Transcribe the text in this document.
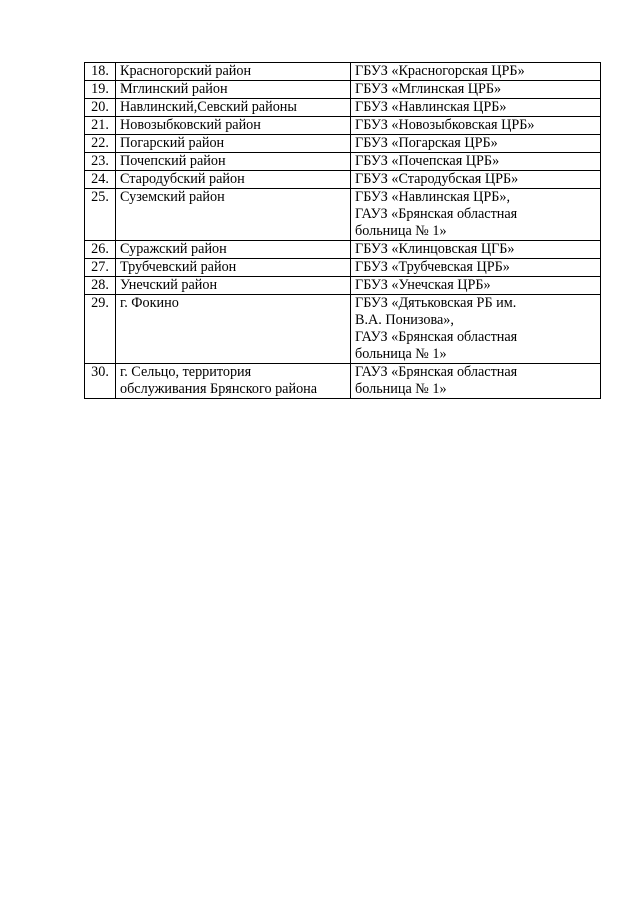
18.	Красногорский район	ГБУЗ «Красногорская ЦРБ»

19.	Мглинский район	ГБУЗ «Мглинская ЦРБ»

20.	Навлинский,Севский районы	ГБУЗ «Навлинская ЦРБ»

21.	Новозыбковский район	ГБУЗ «Новозыбковская ЦРБ»

22.	Погарский район	ГБУЗ «Погарская ЦРБ»

23.	Почепский район	ГБУЗ «Почепская ЦРБ»

24.	Стародубский район	ГБУЗ «Стародубская ЦРБ»

25.	Суземский район	ГБУЗ «Навлинская ЦРБ»,
ГАУЗ «Брянская областная
больница № 1»

26.	Суражский район	ГБУЗ «Клинцовская ЦГБ»

27.	Трубчевский район	ГБУЗ «Трубчевская ЦРБ»

28.	Унечский район	ГБУЗ «Унечская ЦРБ»

29.	г. Фокино	ГБУЗ «Дятьковская РБ им.
В.А. Понизова»,
ГАУЗ «Брянская областная
больница № 1»

30.	г. Сельцо, территория
обслуживания Брянского района	ГАУЗ «Брянская областная
больница № 1»
